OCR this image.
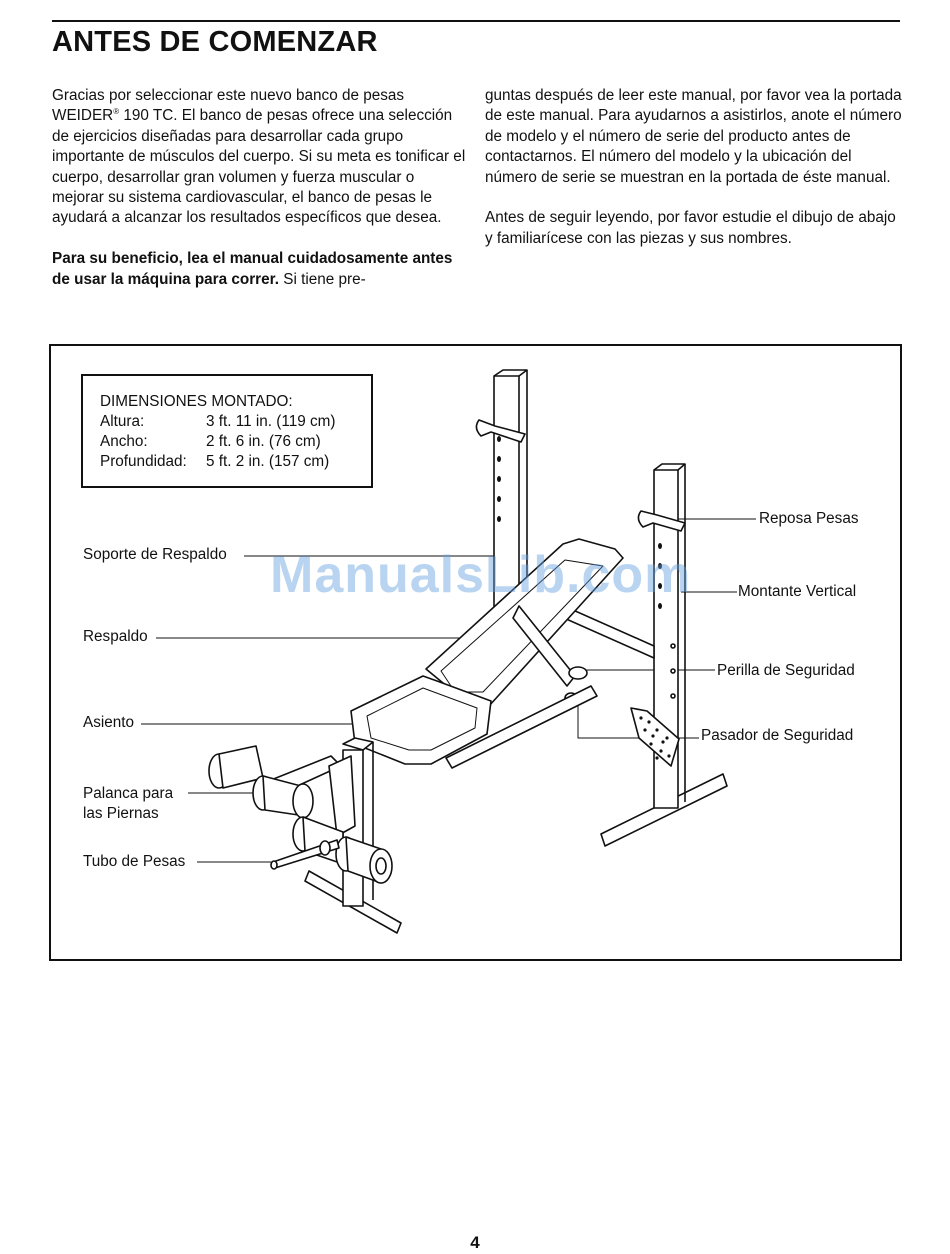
ANTES DE COMENZAR

Gracias por seleccionar este nuevo banco de pesas WEIDER® 190 TC. El banco de pesas ofrece una selección de ejercicios diseñadas para desarrollar cada grupo importante de músculos del cuerpo. Si su meta es tonificar el cuerpo, desarrollar gran volumen y fuerza muscular o mejorar su sistema cardiovascular, el banco de pesas le ayudará a alcanzar los resultados específicos que desea.

Para su beneficio, lea el manual cuidadosamente antes de usar la máquina para correr. Si tiene pre-

guntas después de leer este manual, por favor vea la portada de este manual. Para ayudarnos a asistirlos, anote el número de modelo y el número de serie del producto antes de contactarnos. El número del modelo y la ubicación del número de serie se muestran en la portada de éste manual.

Antes de seguir leyendo, por favor estudie el dibujo de abajo y familiarícese con las piezas y sus nombres.

DIMENSIONES MONTADO:
Altura:	3 ft. 11 in. (119 cm)
Ancho:	2 ft. 6 in. (76 cm)
Profundidad:	5 ft. 2 in. (157 cm)
Soporte de Respaldo
Respaldo
Asiento
Palanca para
las Piernas
Tubo de Pesas
Reposa Pesas
Montante Vertical
Perilla de Seguridad
Pasador de Seguridad
ManualsLib.com
4
